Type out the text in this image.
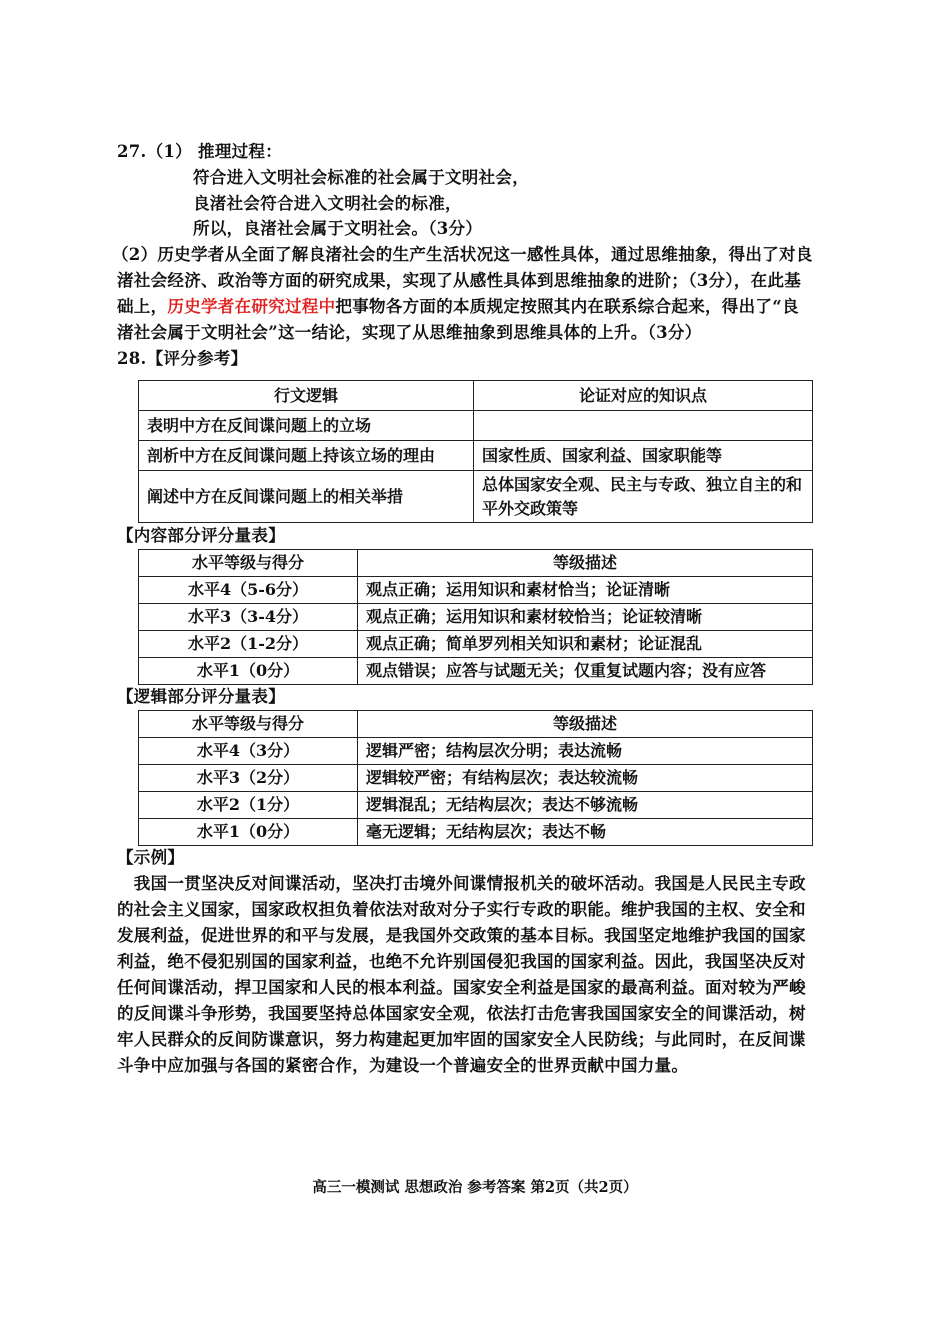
27.（1） 推理过程：
符合进入文明社会标准的社会属于文明社会，
良渚社会符合进入文明社会的标准，
所以，良渚社会属于文明社会。（3分）
（2）历史学者从全面了解良渚社会的生产生活状况这一感性具体，通过思维抽象，得出了对良
渚社会经济、政治等方面的研究成果，实现了从感性具体到思维抽象的进阶；（3分），在此基
础上，历史学者在研究过程中把事物各方面的本质规定按照其内在联系综合起来，得出了“良
渚社会属于文明社会”这一结论，实现了从思维抽象到思维具体的上升。（3分）
28.【评分参考】
行文逻辑	论证对应的知识点
表明中方在反间谍问题上的立场	
剖析中方在反间谍问题上持该立场的理由	国家性质、国家利益、国家职能等
阐述中方在反间谍问题上的相关举措	总体国家安全观、民主与专政、独立自主的和平外交政策等
【内容部分评分量表】
水平等级与得分	等级描述
水平4（5-6分）	观点正确；运用知识和素材恰当；论证清晰
水平3（3-4分）	观点正确；运用知识和素材较恰当；论证较清晰
水平2（1-2分）	观点正确；简单罗列相关知识和素材；论证混乱
水平1（0分）	观点错误；应答与试题无关；仅重复试题内容；没有应答
【逻辑部分评分量表】
水平等级与得分	等级描述
水平4（3分）	逻辑严密；结构层次分明；表达流畅
水平3（2分）	逻辑较严密；有结构层次；表达较流畅
水平2（1分）	逻辑混乱；无结构层次；表达不够流畅
水平1（0分）	毫无逻辑；无结构层次；表达不畅
【示例】
　我国一贯坚决反对间谍活动，坚决打击境外间谍情报机关的破坏活动。我国是人民民主专政
的社会主义国家，国家政权担负着依法对敌对分子实行专政的职能。维护我国的主权、安全和
发展利益，促进世界的和平与发展，是我国外交政策的基本目标。我国坚定地维护我国的国家
利益，绝不侵犯别国的国家利益，也绝不允许别国侵犯我国的国家利益。因此，我国坚决反对
任何间谍活动，捍卫国家和人民的根本利益。国家安全利益是国家的最高利益。面对较为严峻
的反间谍斗争形势，我国要坚持总体国家安全观，依法打击危害我国国家安全的间谍活动，树
牢人民群众的反间防谍意识，努力构建起更加牢固的国家安全人民防线；与此同时，在反间谍
斗争中应加强与各国的紧密合作，为建设一个普遍安全的世界贡献中国力量。
高三一模测试 思想政治 参考答案 第2页（共2页）
